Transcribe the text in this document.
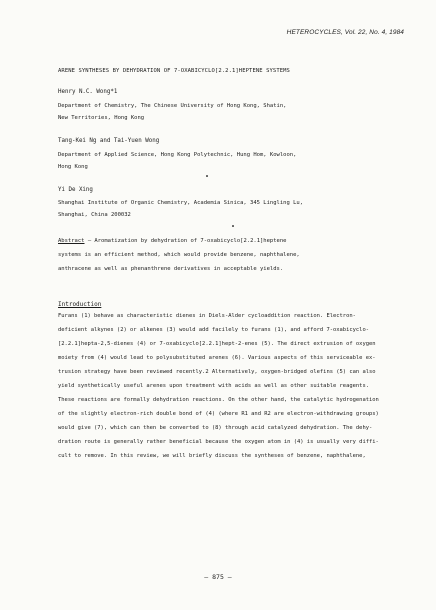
HETEROCYCLES, Vol. 22, No. 4, 1984
ARENE SYNTHESES BY DEHYDRATION OF 7-OXABICYCLO[2.2.1]HEPTENE SYSTEMS
Henry N.C. Wong*1
Department of Chemistry, The Chinese University of Hong Kong, Shatin,
New Territories, Hong Kong
Tang-Kei Ng and Tai-Yuen Wong
Department of Applied Science, Hong Kong Polytechnic, Hung Hom, Kowloon,
Hong Kong
Yi De Xing
Shanghai Institute of Organic Chemistry, Academia Sinica, 345 Lingling Lu,
Shanghai, China 200032
Abstract — Aromatization by dehydration of 7-oxabicyclo[2.2.1]heptene
systems is an efficient method, which would provide benzene, naphthalene,
anthracene as well as phenanthrene derivatives in acceptable yields.
Introduction
Furans (1) behave as characteristic dienes in Diels-Alder cycloaddition reaction. Electron-
deficient alkynes (2) or alkenes (3) would add facilely to furans (1), and afford 7-oxabicyclo-
[2.2.1]hepta-2,5-dienes (4) or 7-oxabicyclo[2.2.1]hept-2-enes (5). The direct extrusion of oxygen
moiety from (4) would lead to polysubstituted arenes (6). Various aspects of this serviceable ex-
trusion strategy have been reviewed recently.2 Alternatively, oxygen-bridged olefins (5) can also
yield synthetically useful arenes upon treatment with acids as well as other suitable reagents.
These reactions are formally dehydration reactions. On the other hand, the catalytic hydrogenation
of the slightly electron-rich double bond of (4) (where R1 and R2 are electron-withdrawing groups)
would give (7), which can then be converted to (8) through acid catalyzed dehydration. The dehy-
dration route is generally rather beneficial because the oxygen atom in (4) is usually very diffi-
cult to remove. In this review, we will briefly discuss the syntheses of benzene, naphthalene,
— 875 —
